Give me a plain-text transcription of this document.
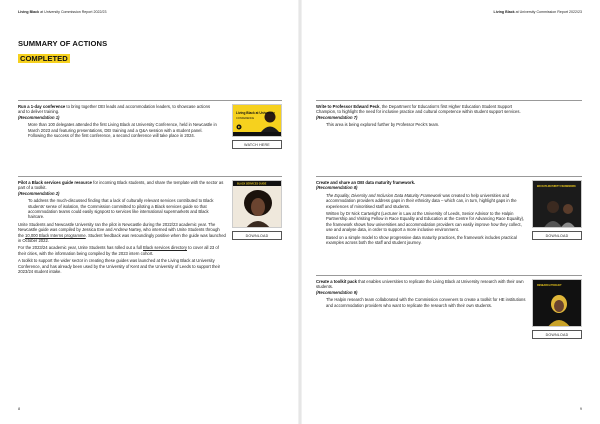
Living Black at University Commission Report 2022/23
SUMMARY OF ACTIONS
COMPLETED

Run a 1-day conference to bring together DEI leads and accommodation leaders, to showcase actions and to deliver training.
(Recommendation 1)

More than 100 delegates attended the first Living Black at University Conference, held in Newcastle in March 2023 and featuring presentations, DEI training and a Q&A session with a student panel. Following the success of the first conference, a second conference will take place in 2024.

Living Black at University
CONFERENCE
WATCH HERE

Pilot a Black services guide resource for incoming Black students, and share the template with the sector as part of a toolkit.
(Recommendation 2)

To address the much-discussed finding that a lack of culturally relevant services contributed to Black students' sense of isolation, the Commission committed to piloting a Black services guide so that accommodation teams could easily signpost to services like international supermarkets and Black haircare.

Unite Students and Newcastle University ran the pilot in Newcastle during the 2022/23 academic year. The Newcastle guide was compiled by Jessica Eve and Andrew Nartey, who interned with Unite Students through the 10,000 Black Interns programme. Student feedback was resoundingly positive when the guide was launched in October 2022.

For the 2023/24 academic year, Unite Students has rolled out a full Black services directory to cover all 23 of their cities, with the information being compiled by the 2023 intern cohort.

A toolkit to support the wider sector in creating these guides was launched at the Living Black at University Conference, and has already been used by the University of Kent and the University of Leeds to support their 2023/24 student intake.

BLACK SERVICES GUIDE
DOWNLOAD
8
Living Black at University Commission Report 2022/23

Write to Professor Edward Peck, the Department for Education's first Higher Education Student Support Champion, to highlight the need for inclusive practice and cultural competence within student support services.
(Recommendation 7)

This area is being explored further by Professor Peck's team.

Create and share an DEI data maturity framework.
(Recommendation 8)

The Equality, Diversity and Inclusion Data Maturity Framework was created to help universities and accommodation providers address gaps in their ethnicity data – which can, in turn, highlight gaps in the experiences of minoritised staff and students.

Written by Dr Nick Cartwright (Lecturer in Law at the University of Leeds, Senior Advisor to the Halpin Partnership and Visiting Fellow in Race Equality and Education at the Centre for Advancing Race Equality), the framework shows how universities and accommodation providers can easily improve how they collect, use and analyse data, in order to support a more inclusive environment.

Based on a simple model to show progressive data maturity practices, the framework includes practical examples across both the staff and student journey.

EDI DATA MATURITY FRAMEWORK
DOWNLOAD

Create a toolkit pack that enables universities to replicate the Living Black at University research with their own students.
(Recommendation 9)

The Halpin research team collaborated with the Commission conveners to create a toolkit for HE institutions and accommodation providers who want to replicate the research with their own students.

RESEARCH TOOLKIT
DOWNLOAD
9
